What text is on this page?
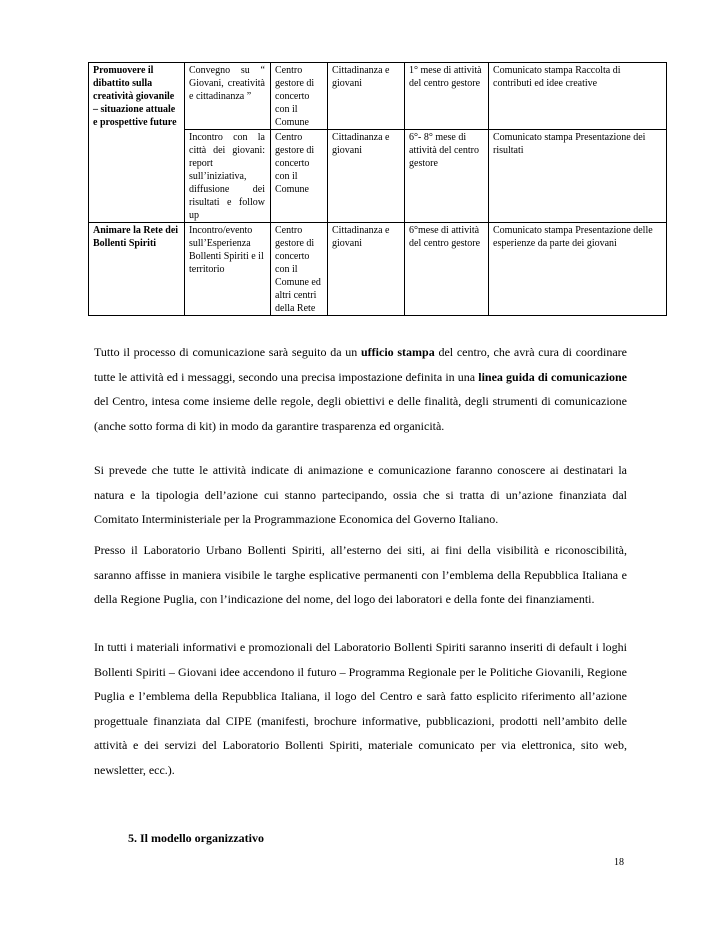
Promuovere il dibattito sulla creatività giovanile – situazione attuale e prospettive future	Convegno su “ Giovani, creatività e cittadinanza ”	Centro gestore di concerto con il Comune	Cittadinanza e giovani	1° mese di attività del centro gestore	Comunicato stampa Raccolta di contributi ed idee creative
	Incontro con la città dei giovani: report sull’iniziativa, diffusione dei risultati e follow up	Centro gestore di concerto con il Comune	Cittadinanza e giovani	6°- 8° mese di attività del centro gestore	Comunicato stampa Presentazione dei risultati
Animare la Rete dei Bollenti Spiriti	Incontro/evento sull’Esperienza Bollenti Spiriti e il territorio	Centro gestore di concerto con il Comune ed altri centri della Rete	Cittadinanza e giovani	6°mese di attività del centro gestore	Comunicato stampa Presentazione delle esperienze da parte dei giovani

Tutto il processo di comunicazione sarà seguito da un ufficio stampa del centro, che avrà cura di coordinare tutte le attività ed i messaggi, secondo una precisa impostazione definita in una linea guida di comunicazione del Centro, intesa come insieme delle regole, degli obiettivi e delle finalità, degli strumenti di comunicazione (anche sotto forma di kit) in modo da garantire trasparenza ed organicità.

Si prevede che tutte le attività indicate di animazione e comunicazione faranno conoscere ai destinatari la natura e la tipologia dell’azione cui stanno partecipando, ossia che si tratta di un’azione finanziata dal Comitato Interministeriale per la Programmazione Economica del Governo Italiano.

Presso il Laboratorio Urbano Bollenti Spiriti, all’esterno dei siti, ai fini della visibilità e riconoscibilità, saranno affisse in maniera visibile le targhe esplicative permanenti con l’emblema della Repubblica Italiana e della Regione Puglia, con l’indicazione del nome, del logo dei laboratori e della fonte dei finanziamenti.

In tutti i materiali informativi e promozionali del Laboratorio Bollenti Spiriti saranno inseriti di default i loghi Bollenti Spiriti – Giovani idee accendono il futuro – Programma Regionale per le Politiche Giovanili, Regione Puglia e l’emblema della Repubblica Italiana, il logo del Centro e sarà fatto esplicito riferimento all’azione progettuale finanziata dal CIPE (manifesti, brochure informative, pubblicazioni, prodotti nell’ambito delle attività e dei servizi del Laboratorio Bollenti Spiriti, materiale comunicato per via elettronica, sito web, newsletter, ecc.).

5. Il modello organizzativo
18
